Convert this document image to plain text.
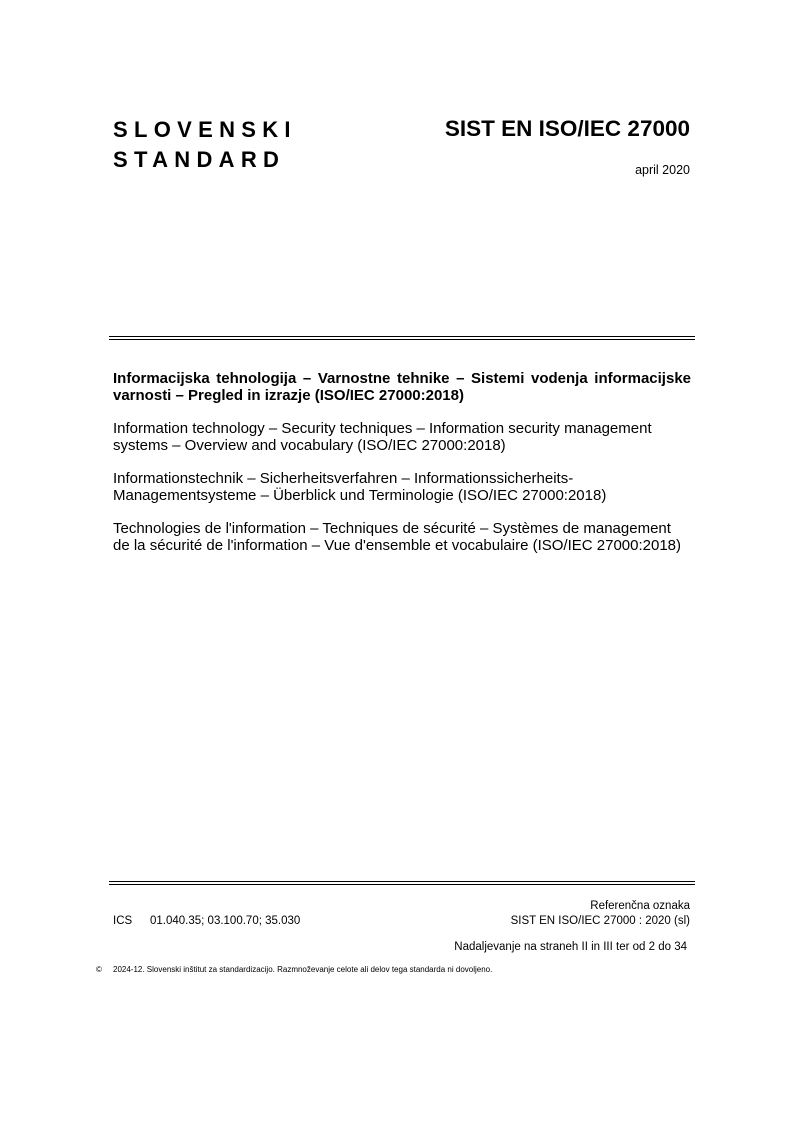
SLOVENSKI
STANDARD
SIST EN ISO/IEC 27000
april 2020

Informacijska tehnologija – Varnostne tehnike – Sistemi vodenja informacijske varnosti – Pregled in izrazje (ISO/IEC 27000:2018)

Information technology – Security techniques – Information security management systems – Overview and vocabulary (ISO/IEC 27000:2018)

Informationstechnik – Sicherheitsverfahren – Informationssicherheits-
Managementsysteme – Überblick und Terminologie (ISO/IEC 27000:2018)

Technologies de l'information – Techniques de sécurité – Systèmes de management de la sécurité de l'information – Vue d'ensemble et vocabulaire (ISO/IEC 27000:2018)

Referenčna oznaka
ICS 01.040.35; 03.100.70; 35.030	SIST EN ISO/IEC 27000 : 2020 (sl)
Nadaljevanje na straneh II in III ter od 2 do 34
© 2024-12. Slovenski inštitut za standardizacijo. Razmnoževanje celote ali delov tega standarda ni dovoljeno.
